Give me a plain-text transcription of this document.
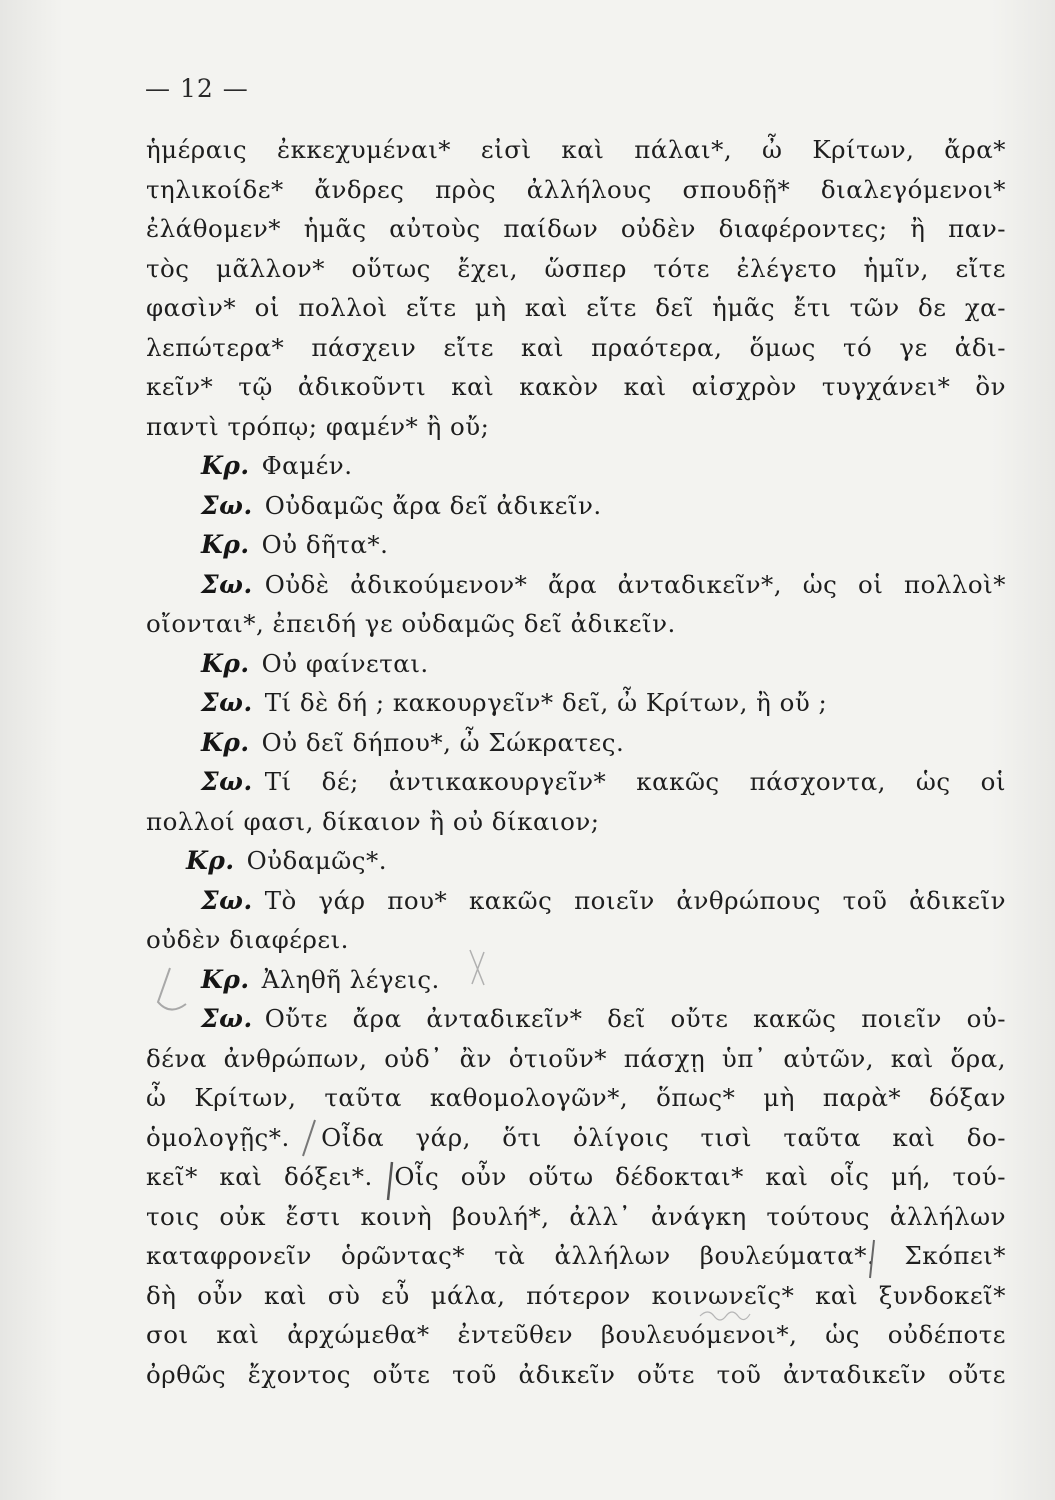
— 12 —
ἡμέραις ἐκκεχυμέναι* εἰσὶ καὶ πάλαι*, ὦ Κρίτων, ἄρα*
τηλικοίδε* ἄνδρες πρὸς ἀλλήλους σπουδῇ* διαλεγόμενοι*
ἐλάθομεν* ἡμᾶς αὐτοὺς παίδων οὐδὲν διαφέροντες; ἢ παν-
τὸς μᾶλλον* οὕτως ἔχει, ὥσπερ τότε ἐλέγετο ἡμῖν, εἴτε
φασὶν* οἱ πολλοὶ εἴτε μὴ καὶ εἴτε δεῖ ἡμᾶς ἔτι τῶν δε χα-
λεπώτερα* πάσχειν εἴτε καὶ πραότερα, ὅμως τό γε ἀδι-
κεῖν* τῷ ἀδικοῦντι καὶ κακὸν καὶ αἰσχρὸν τυγχάνει* ὂν
παντὶ τρόπῳ; φαμέν* ἢ οὔ;
Κρ. Φαμέν.
Σω. Οὐδαμῶς ἄρα δεῖ ἀδικεῖν.
Κρ. Οὐ δῆτα*.
Σω. Οὐδὲ ἀδικούμενον* ἄρα ἀνταδικεῖν*, ὡς οἱ πολλοὶ*
οἴονται*, ἐπειδή γε οὐδαμῶς δεῖ ἀδικεῖν.
Κρ. Οὐ φαίνεται.
Σω. Τί δὲ δή ; κακουργεῖν* δεῖ, ὦ Κρίτων, ἢ οὔ ;
Κρ. Οὐ δεῖ δήπου*, ὦ Σώκρατες.
Σω. Τί δέ; ἀντικακουργεῖν* κακῶς πάσχοντα, ὡς οἱ
πολλοί φασι, δίκαιον ἢ οὐ δίκαιον;
Κρ. Οὐδαμῶς*.
Σω. Τὸ γάρ που* κακῶς ποιεῖν ἀνθρώπους τοῦ ἀδικεῖν
οὐδὲν διαφέρει.
Κρ. Ἀληθῆ λέγεις.
Σω. Οὔτε ἄρα ἀνταδικεῖν* δεῖ οὔτε κακῶς ποιεῖν οὐ-
δένα ἀνθρώπων, οὐδ᾽ ἂν ὁτιοῦν* πάσχῃ ὑπ᾽ αὐτῶν, καὶ ὅρα,
ὦ Κρίτων, ταῦτα καθομολογῶν*, ὅπως* μὴ παρὰ* δόξαν
ὁμολογῇς*. Οἶδα γάρ, ὅτι ὀλίγοις τισὶ ταῦτα καὶ δο-
κεῖ* καὶ δόξει*. Οἷς οὖν οὕτω δέδοκται* καὶ οἷς μή, τού-
τοις οὐκ ἔστι κοινὴ βουλή*, ἀλλ᾽ ἀνάγκη τούτους ἀλλήλων
καταφρονεῖν ὁρῶντας* τὰ ἀλλήλων βουλεύματα*. Σκόπει*
δὴ οὖν καὶ σὺ εὖ μάλα, πότερον κοινωνεῖς* καὶ ξυνδοκεῖ*
σοι καὶ ἀρχώμεθα* ἐντεῦθεν βουλευόμενοι*, ὡς οὐδέποτε
ὀρθῶς ἔχοντος οὔτε τοῦ ἀδικεῖν οὔτε τοῦ ἀνταδικεῖν οὔτε
